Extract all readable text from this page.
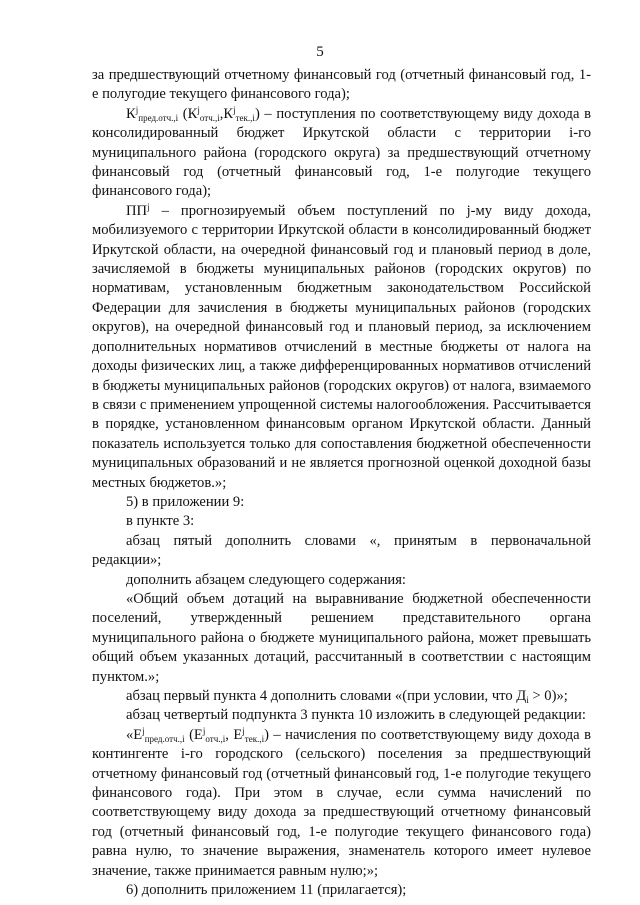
5

за предшествующий отчетному финансовый год (отчетный финансовый год, 1-е полугодие текущего финансового года);

$К^j_{пред.отч.,i}$ $(К^j_{отч.,i},К^j_{тек.,i})$ – поступления по соответствующему виду дохода в консолидированный бюджет Иркутской области с территории i-го муниципального района (городского округа) за предшествующий отчетному финансовый год (отчетный финансовый год, 1-е полугодие текущего финансового года);

$ПП^j$ – прогнозируемый объем поступлений по j-му виду дохода, мобилизуемого с территории Иркутской области в консолидированный бюджет Иркутской области, на очередной финансовый год и плановый период в доле, зачисляемой в бюджеты муниципальных районов (городских округов) по нормативам, установленным бюджетным законодательством Российской Федерации для зачисления в бюджеты муниципальных районов (городских округов), на очередной финансовый год и плановый период, за исключением дополнительных нормативов отчислений в местные бюджеты от налога на доходы физических лиц, а также дифференцированных нормативов отчислений в бюджеты муниципальных районов (городских округов) от налога, взимаемого в связи с применением упрощенной системы налогообложения. Рассчитывается в порядке, установленном финансовым органом Иркутской области. Данный показатель используется только для сопоставления бюджетной обеспеченности муниципальных образований и не является прогнозной оценкой доходной базы местных бюджетов.»;

5) в приложении 9:

в пункте 3:

абзац пятый дополнить словами «, принятым в первоначальной редакции»;

дополнить абзацем следующего содержания:

«Общий объем дотаций на выравнивание бюджетной обеспеченности поселений, утвержденный решением представительного органа муниципального района о бюджете муниципального района, может превышать общий объем указанных дотаций, рассчитанный в соответствии с настоящим пунктом.»;

абзац первый пункта 4 дополнить словами «(при условии, что $Д_i > 0$)»;

абзац четвертый подпункта 3 пункта 10 изложить в следующей редакции:

«$Е^j_{пред.отч.,i}$ ($Е^j_{отч.,i}$, $Е^j_{тек.,i}$) – начисления по соответствующему виду дохода в контингенте i-го городского (сельского) поселения за предшествующий отчетному финансовый год (отчетный финансовый год, 1-е полугодие текущего финансового года). При этом в случае, если сумма начислений по соответствующему виду дохода за предшествующий отчетному финансовый год (отчетный финансовый год, 1-е полугодие текущего финансового года) равна нулю, то значение выражения, знаменатель которого имеет нулевое значение, также принимается равным нулю;»;

6) дополнить приложением 11 (прилагается);
